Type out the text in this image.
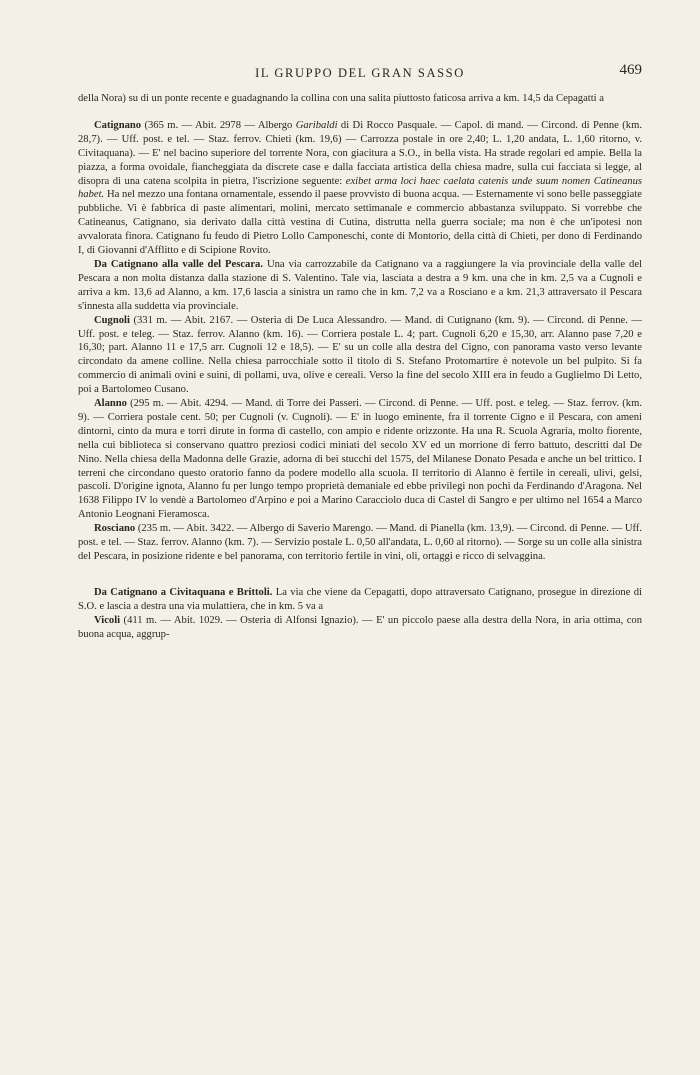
IL GRUPPO DEL GRAN SASSO	469

della Nora) su di un ponte recente e guadagnando la collina con una salita piuttosto faticosa arriva a km. 14,5 da Cepagatti a

Catignano (365 m. — Abit. 2978 — Albergo Garibaldi di Di Rocco Pasquale. — Capol. di mand. — Circond. di Penne (km. 28,7). — Uff. post. e tel. — Staz. ferrov. Chieti (km. 19,6) — Carrozza postale in ore 2,40; L. 1,20 andata, L. 1,60 ritorno, v. Civitaquana). — E' nel bacino superiore del torrente Nora, con giacitura a S.O., in bella vista. Ha strade regolari ed ampie. Bella la piazza, a forma ovoidale, fiancheggiata da discrete case e dalla facciata artistica della chiesa madre, sulla cui facciata si legge, al disopra di una catena scolpita in pietra, l'iscrizione seguente: exibet arma loci haec caelata catenis unde suum nomen Catineanus habet. Ha nel mezzo una fontana ornamentale, essendo il paese provvisto di buona acqua. — Esternamente vi sono belle passeggiate pubbliche. Vi è fabbrica di paste alimentari, molini, mercato settimanale e commercio abbastanza sviluppato. Si vorrebbe che Catineanus, Catignano, sia derivato dalla città vestina di Cutina, distrutta nella guerra sociale; ma non è che un'ipotesi non avvalorata finora. Catignano fu feudo di Pietro Lollo Camponeschi, conte di Montorio, della città di Chieti, per dono di Ferdinando I, di Giovanni d'Afflitto e di Scipione Rovito.

Da Catignano alla valle del Pescara. Una via carrozzabile da Catignano va a raggiungere la via provinciale della valle del Pescara a non molta distanza dalla stazione di S. Valentino. Tale via, lasciata a destra a 9 km. una che in km. 2,5 va a Cugnoli e arriva a km. 13,6 ad Alanno, a km. 17,6 lascia a sinistra un ramo che in km. 7,2 va a Rosciano e a km. 21,3 attraversato il Pescara s'innesta alla suddetta via provinciale.

Cugnoli (331 m. — Abit. 2167. — Osteria di De Luca Alessandro. — Mand. di Cutignano (km. 9). — Circond. di Penne. — Uff. post. e teleg. — Staz. ferrov. Alanno (km. 16). — Corriera postale L. 4; part. Cugnoli 6,20 e 15,30, arr. Alanno pase 7,20 e 16,30; part. Alanno 11 e 17,5 arr. Cugnoli 12 e 18,5). — E' su un colle alla destra del Cigno, con panorama vasto verso levante circondato da amene colline. Nella chiesa parrocchiale sotto il titolo di S. Stefano Protomartire è notevole un bel pulpito. Si fa commercio di animali ovini e suini, di pollami, uva, olive e cereali. Verso la fine del secolo XIII era in feudo a Guglielmo Di Letto, poi a Bartolomeo Cusano.

Alanno (295 m. — Abit. 4294. — Mand. di Torre dei Passeri. — Circond. di Penne. — Uff. post. e teleg. — Staz. ferrov. (km. 9). — Corriera postale cent. 50; per Cugnoli (v. Cugnoli). — E' in luogo eminente, fra il torrente Cigno e il Pescara, con ameni dintorni, cinto da mura e torri dirute in forma di castello, con ampio e ridente orizzonte. Ha una R. Scuola Agraria, molto fiorente, nella cui biblioteca si conservano quattro preziosi codici miniati del secolo XV ed un morrione di ferro battuto, descritti dal De Nino. Nella chiesa della Madonna delle Grazie, adorna di bei stucchi del 1575, del Milanese Donato Pesada e anche un bel trittico. I terreni che circondano questo oratorio fanno da podere modello alla scuola. Il territorio di Alanno è fertile in cereali, ulivi, gelsi, pascoli. D'origine ignota, Alanno fu per lungo tempo proprietà demaniale ed ebbe privilegi non pochi da Ferdinando d'Aragona. Nel 1638 Filippo IV lo vendè a Bartolomeo d'Arpino e poi a Marino Caracciolo duca di Castel di Sangro e per ultimo nel 1654 a Marco Antonio Leognani Fieramosca.

Rosciano (235 m. — Abit. 3422. — Albergo di Saverio Marengo. — Mand. di Pianella (km. 13,9). — Circond. di Penne. — Uff. post. e tel. — Staz. ferrov. Alanno (km. 7). — Servizio postale L. 0,50 all'andata, L. 0,60 al ritorno). — Sorge su un colle alla sinistra del Pescara, in posizione ridente e bel panorama, con territorio fertile in vini, oli, ortaggi e ricco di selvaggina.

Da Catignano a Civitaquana e Brittoli. La via che viene da Cepagatti, dopo attraversato Catignano, prosegue in direzione di S.O. e lascia a destra una via mulattiera, che in km. 5 va a

Vicoli (411 m. — Abit. 1029. — Osteria di Alfonsi Ignazio). — E' un piccolo paese alla destra della Nora, in aria ottima, con buona acqua, aggrup-
